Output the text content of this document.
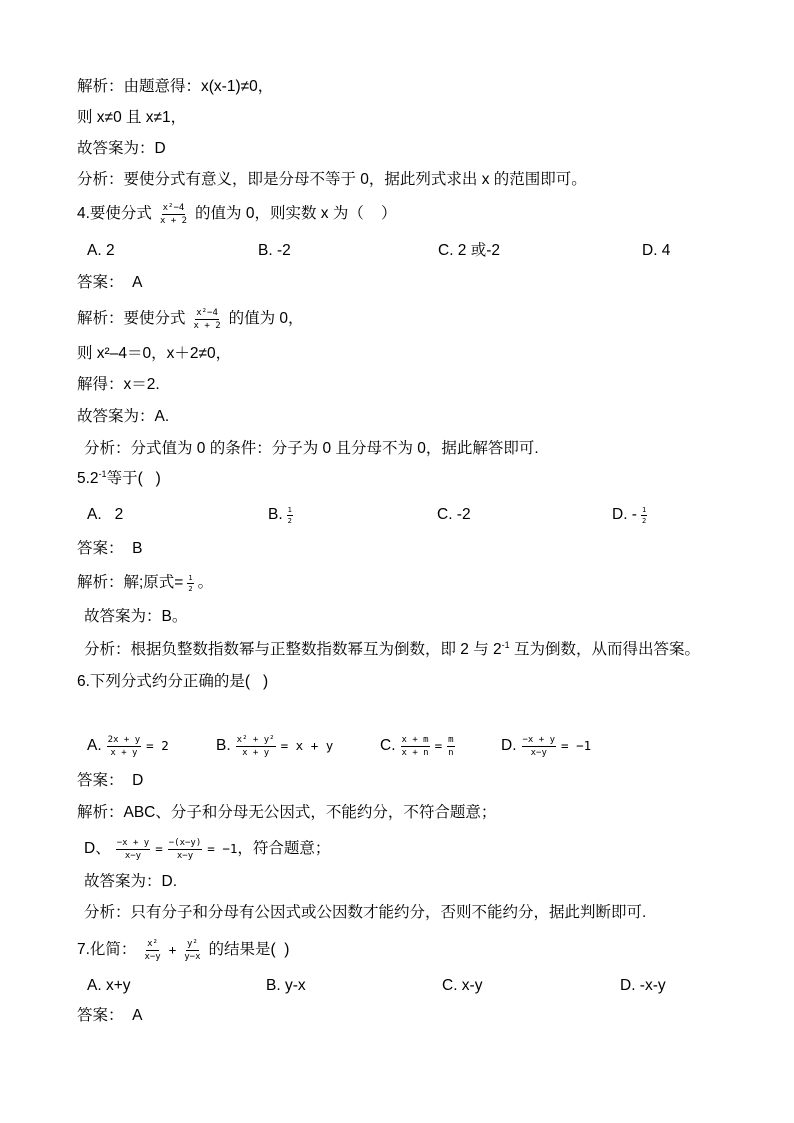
解析：由题意得：x(x-1)≠0，
则 x≠0 且 x≠1，
故答案为：D
分析：要使分式有意义，即是分母不等于 0，据此列式求出 x 的范围即可。
4.要使分式 $\frac{\text{x²−4}}{x + 2}$ 的值为 0，则实数 x 为（    ）
A. 2	B. -2	C. 2 或-2	D. 4
答案：  A
解析：要使分式 $\frac{\text{x²−4}}{x + 2}$ 的值为 0，
则 x²–4＝0，x＋2≠0，
解得：x＝2.
故答案为：A.
分析：分式值为 0 的条件：分子为 0 且分母不为 0，据此解答即可.
$5.2^{-1}$等于(   )
A.   2	B. $\frac{1}{2}$	C. -2	D. - $\frac{1}{2}$
答案：  B
解析：解;原式= $\frac{1}{2}$ 。
故答案为：B。
分析：根据负整数指数幂与正整数指数幂互为倒数，即 2 与 $2^{-1}$ 互为倒数，从而得出答案。
6.下列分式约分正确的是(   )
A. $\frac{2x + y}{x + y} = 2$	B. $\frac{\text{x² + y²}}{x + y} = x + y$	C. $\frac{x + m}{x + n} = \frac{m}{n}$	D. $\frac{-x + y}{x-y} = -1$
答案：  D
解析：ABC、分子和分母无公因式，不能约分，不符合题意；
D、 $\frac{-x + y}{x-y} = \frac{-(x-y)}{x-y} = -1$ ，符合题意；
故答案为：D.
分析：只有分子和分母有公因式或公因数才能约分，否则不能约分，据此判断即可.
7.化简： $\frac{\text{x²}}{x-y} + \frac{\text{y²}}{y-x}$ 的结果是(  )
A. x+y	B. y-x	C. x-y	D. -x-y
答案：  A
